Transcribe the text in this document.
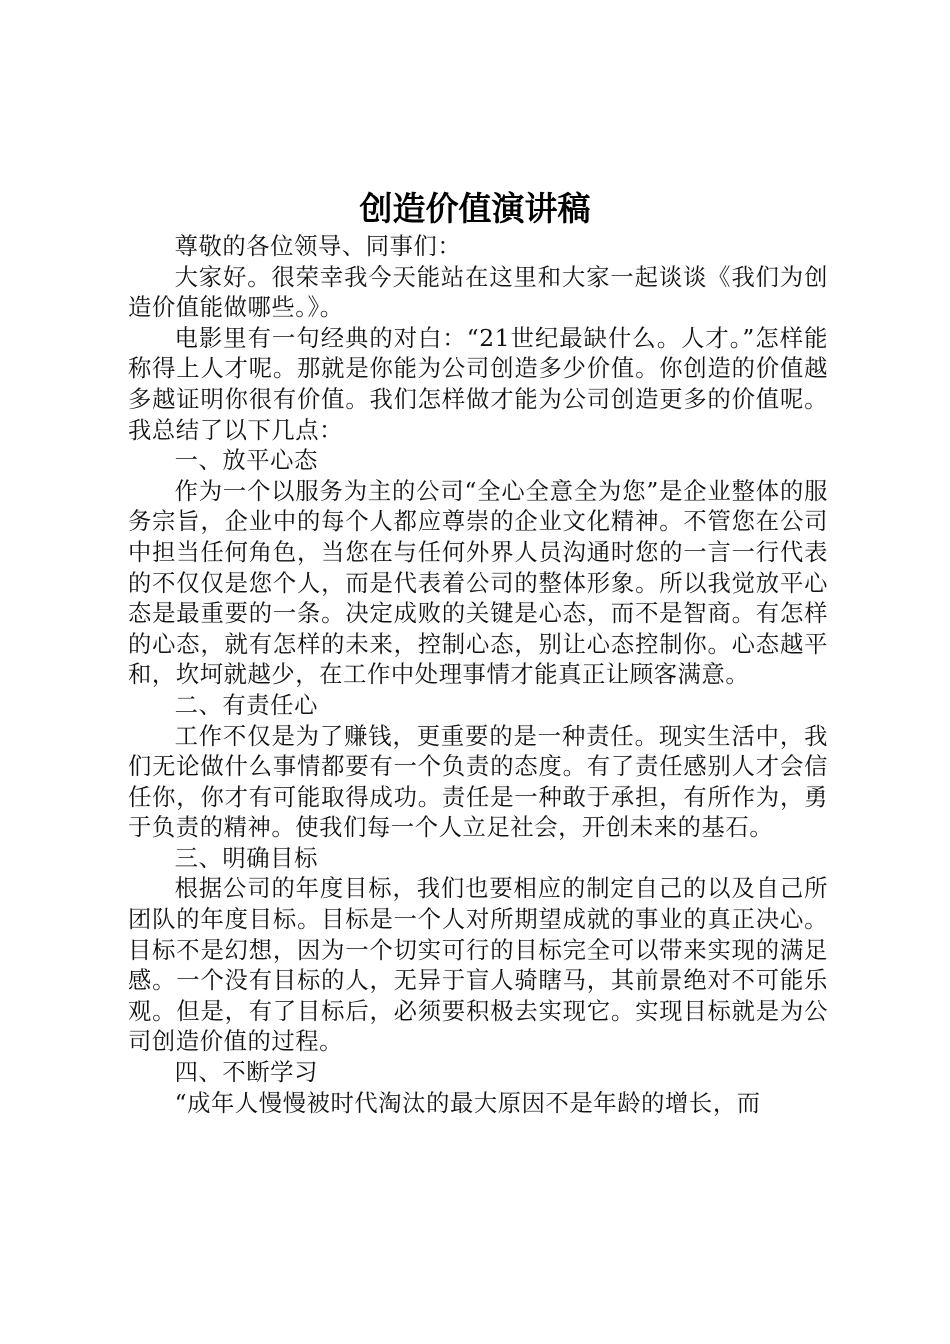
创造价值演讲稿

尊敬的各位领导、同事们：

大家好。很荣幸我今天能站在这里和大家一起谈谈《我们为创造价值能做哪些。》。

电影里有一句经典的对白：“21世纪最缺什么。人才。”怎样能称得上人才呢。那就是你能为公司创造多少价值。你创造的价值越多越证明你很有价值。我们怎样做才能为公司创造更多的价值呢。我总结了以下几点：

一、放平心态

作为一个以服务为主的公司“全心全意全为您”是企业整体的服务宗旨，企业中的每个人都应尊崇的企业文化精神。不管您在公司中担当任何角色，当您在与任何外界人员沟通时您的一言一行代表的不仅仅是您个人，而是代表着公司的整体形象。所以我觉放平心态是最重要的一条。决定成败的关键是心态，而不是智商。有怎样的心态，就有怎样的未来，控制心态，别让心态控制你。心态越平和，坎坷就越少，在工作中处理事情才能真正让顾客满意。

二、有责任心

工作不仅是为了赚钱，更重要的是一种责任。现实生活中，我们无论做什么事情都要有一个负责的态度。有了责任感别人才会信任你，你才有可能取得成功。责任是一种敢于承担，有所作为，勇于负责的精神。使我们每一个人立足社会，开创未来的基石。

三、明确目标

根据公司的年度目标，我们也要相应的制定自己的以及自己所团队的年度目标。目标是一个人对所期望成就的事业的真正决心。目标不是幻想，因为一个切实可行的目标完全可以带来实现的满足感。一个没有目标的人，无异于盲人骑瞎马，其前景绝对不可能乐观。但是，有了目标后，必须要积极去实现它。实现目标就是为公司创造价值的过程。

四、不断学习

“成年人慢慢被时代淘汰的最大原因不是年龄的增长，而
